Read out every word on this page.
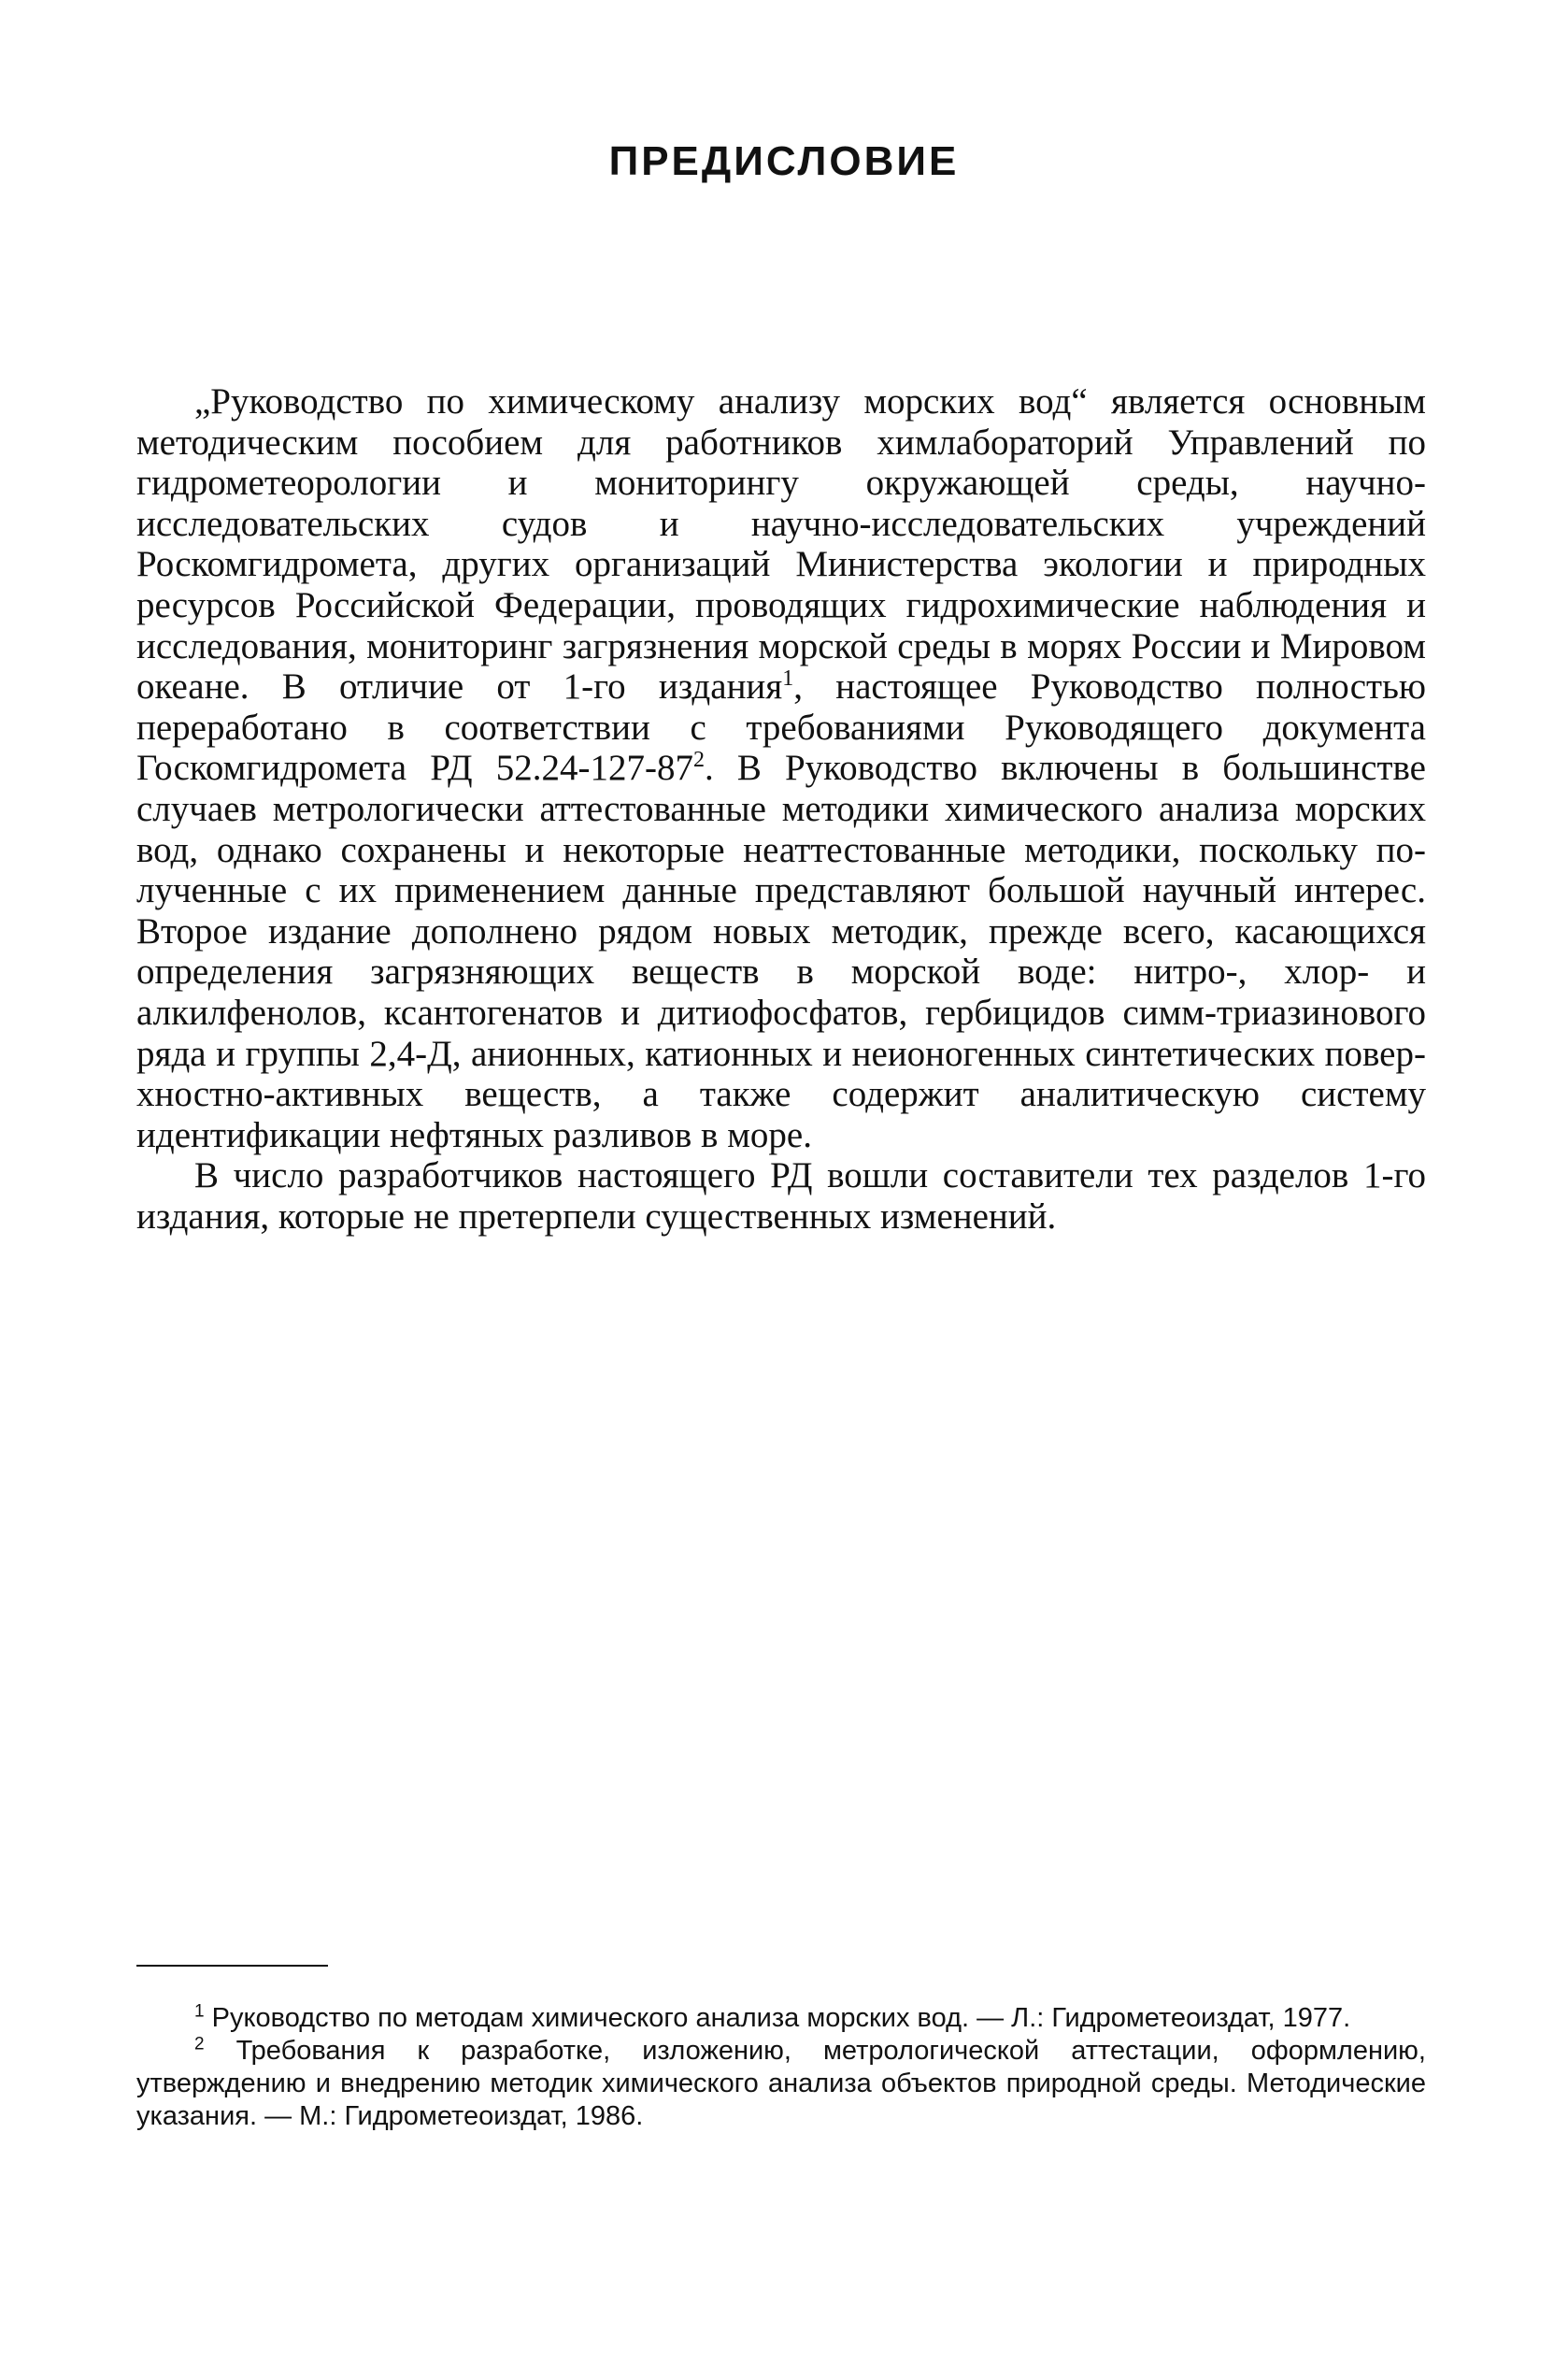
ПРЕДИСЛОВИЕ

„Руководство по химическому анализу морских вод“ является основным методическим пособием для работников химлабораторий Управлений по гидрометеорологии и мониторингу окружающей среды, научно-исследовательских судов и научно-исследовательских учреждений Роскомгидромета, других организаций Министерства экологии и природных ресурсов Российской Федерации, проводящих гидрохимические наблюдения и исследования, мониторинг загрязнения морской среды в морях России и Мировом океане. В отличие от 1-го издания$^1$, настоящее Руководство полностью переработано в соответствии с требованиями Руководящего документа Госкомгидромета РД $52.24-127-87^2$. В Руководство включены в большинстве случаев метрологически аттестованные методики химического анализа морских вод, однако сохранены и некоторые неаттестованные методики, поскольку полученные с их применением данные представляют большой научный интерес. Второе издание дополнено рядом новых методик, прежде всего, касающихся определения загрязняющих веществ в морской воде: нитро-, хлор- и алкилфенолов, ксантогенатов и дитиофосфатов, гербицидов симм-триазинового ряда и группы 2,4-Д, анионных, катионных и неионогенных синтетических поверхностно-активных веществ, а также содержит аналитическую систему идентификации нефтяных разливов в море.

В число разработчиков настоящего РД вошли составители тех разделов 1-го издания, которые не претерпели существенных изменений.

$^1$ Руководство по методам химического анализа морских вод. — Л.: Гидрометеоиздат, 1977.

$^2$ Требования к разработке, изложению, метрологической аттестации, оформлению, утверждению и внедрению методик химического анализа объектов природной среды. Методические указания. — М.: Гидрометеоиздат, 1986.
